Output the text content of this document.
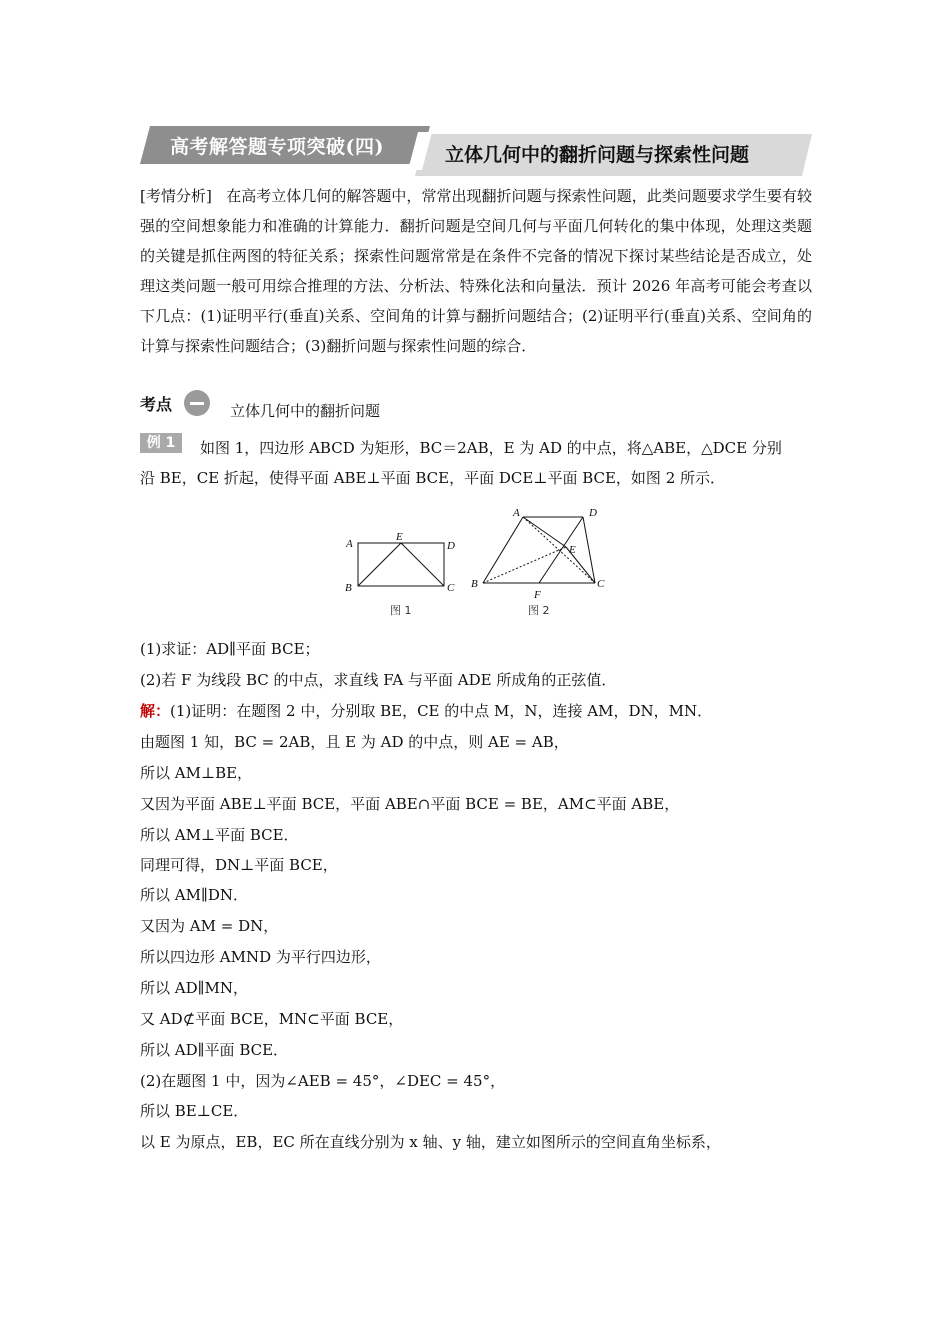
高考解答题专项突破(四)	立体几何中的翻折问题与探索性问题
[考情分析] 在高考立体几何的解答题中，常常出现翻折问题与探索性问题，此类问题要求学生要有较强的空间想象能力和准确的计算能力．翻折问题是空间几何与平面几何转化的集中体现，处理这类题的关键是抓住两图的特征关系；探索性问题常常是在条件不完备的情况下探讨某些结论是否成立，处理这类问题一般可用综合推理的方法、分析法、特殊化法和向量法．预计 2026 年高考可能会考查以下几点：(1)证明平行(垂直)关系、空间角的计算与翻折问题结合；(2)证明平行(垂直)关系、空间角的计算与探索性问题结合；(3)翻折问题与探索性问题的综合．
考点	立体几何中的翻折问题
例 1	如图 1，四边形 ABCD 为矩形，BC＝2AB，E 为 AD 的中点，将△ABE，△DCE 分别
沿 BE，CE 折起，使得平面 ABE⊥平面 BCE，平面 DCE⊥平面 BCE，如图 2 所示．
A
E
D
B	C
图 1
A	D
E
B
F
C
图 2
(1)求证：AD∥平面 BCE；
(2)若 F 为线段 BC 的中点，求直线 FA 与平面 ADE 所成角的正弦值．
解：(1)证明：在题图 2 中，分别取 BE，CE 的中点 M，N，连接 AM，DN，MN．
由题图 1 知，BC = 2AB，且 E 为 AD 的中点，则 AE = AB，
所以 AM⊥BE，
又因为平面 ABE⊥平面 BCE，平面 ABE∩平面 BCE = BE，AM⊂平面 ABE，
所以 AM⊥平面 BCE．
同理可得，DN⊥平面 BCE，
所以 AM∥DN．
又因为 AM = DN，
所以四边形 AMND 为平行四边形，
所以 AD∥MN，
又 AD⊄平面 BCE，MN⊂平面 BCE，
所以 AD∥平面 BCE．
(2)在题图 1 中，因为∠AEB = 45°，∠DEC = 45°，
所以 BE⊥CE．
以 E 为原点，EB，EC 所在直线分别为 x 轴、y 轴，建立如图所示的空间直角坐标系，
